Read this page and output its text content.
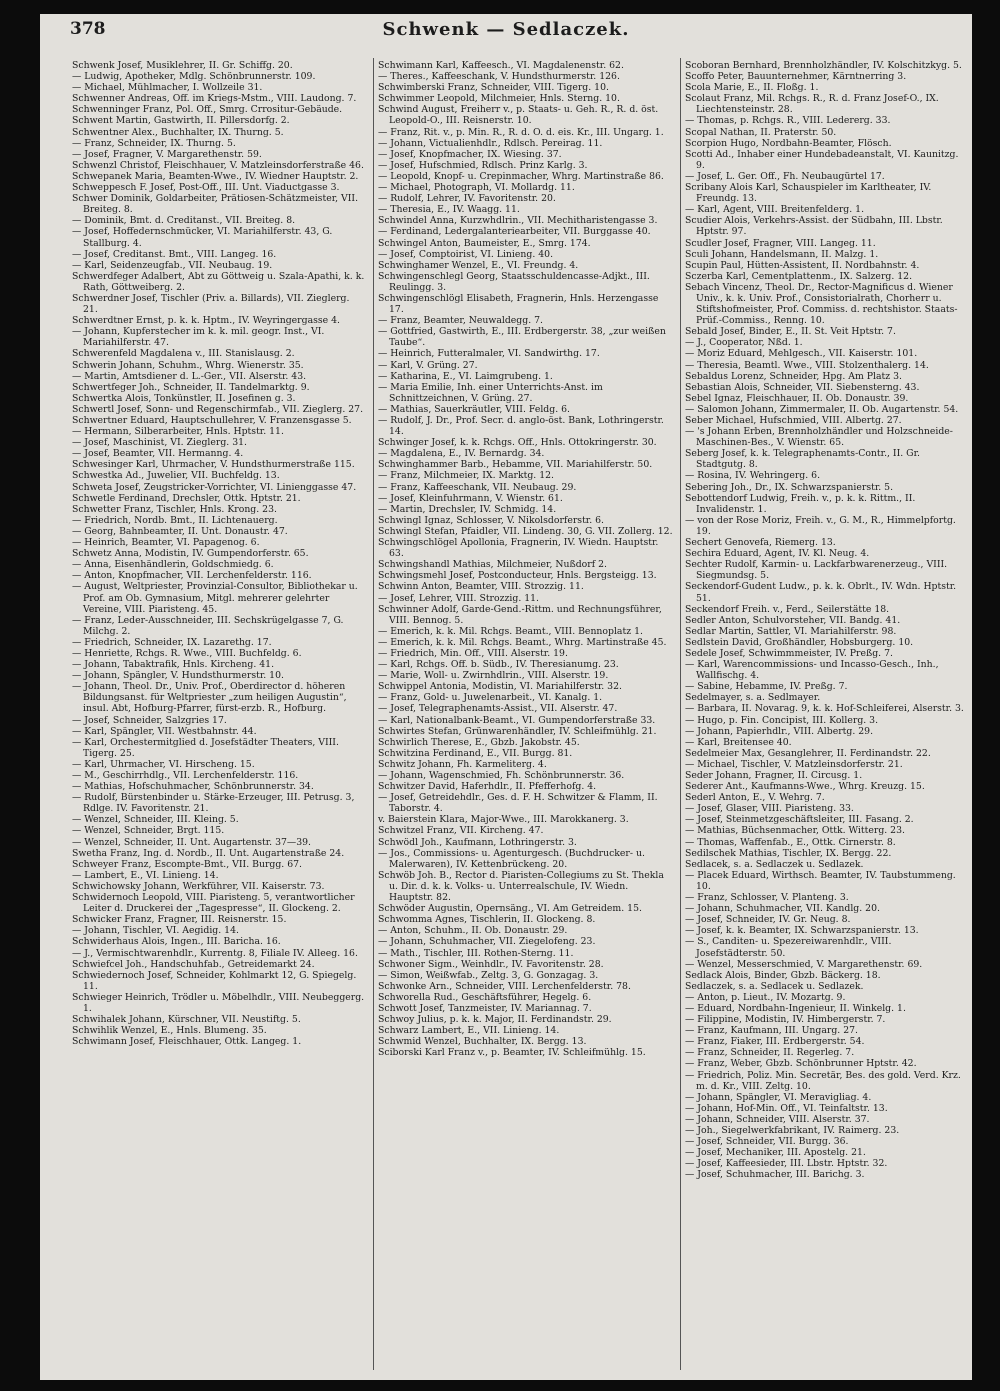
378	Schwenk — Sedlaczek.

Schwenk Josef, Musiklehrer, II. Gr. Schiffg. 20.

— Ludwig, Apotheker, Mdlg. Schönbrunnerstr. 109.

— Michael, Mühlmacher, I. Wollzeile 31.

Schwenner Andreas, Off. im Kriegs-Mstm., VIII. Laudong. 7.

Schwenninger Franz, Pol. Off., Smrg. Crrositur-Gebäude.

Schwent Martin, Gastwirth, II. Pillersdorfg. 2.

Schwentner Alex., Buchhalter, IX. Thurng. 5.

— Franz, Schneider, IX. Thurng. 5.

— Josef, Fragner, V. Margarethenstr. 59.

Schwenzl Christof, Fleischhauer, V. Matzleinsdorferstraße 46.

Schwepanek Maria, Beamten-Wwe., IV. Wiedner Hauptstr. 2.

Schweppesch F. Josef, Post-Off., III. Unt. Viaductgasse 3.

Schwer Dominik, Goldarbeiter, Prätiosen-Schätzmeister, VII. Breiteg. 8.

— Dominik, Bmt. d. Creditanst., VII. Breiteg. 8.

— Josef, Hoffedernschmücker, VI. Mariahilferstr. 43, G. Stallburg. 4.

— Josef, Creditanst. Bmt., VIII. Langeg. 16.

— Karl, Seidenzeugfab., VII. Neubaug. 19.

Schwerdfeger Adalbert, Abt zu Göttweig u. Szala-Apathi, k. k. Rath, Göttweiberg. 2.

Schwerdner Josef, Tischler (Priv. a. Billards), VII. Zieglerg. 21.

Schwerdtner Ernst, p. k. k. Hptm., IV. Weyringergasse 4.

— Johann, Kupferstecher im k. k. mil. geogr. Inst., VI. Mariahilferstr. 47.

Schwerenfeld Magdalena v., III. Stanislausg. 2.

Schwerin Johann, Schuhm., Whrg. Wienerstr. 35.

— Martin, Amtsdiener d. L.-Ger., VII. Alserstr. 43.

Schwertfeger Joh., Schneider, II. Tandelmarktg. 9.

Schwertka Alois, Tonkünstler, II. Josefinen g. 3.

Schwertl Josef, Sonn- und Regenschirmfab., VII. Zieglerg. 27.

Schwertner Eduard, Hauptschullehrer, V. Franzensgasse 5.

— Hermann, Silberarbeiter, Hnls. Hptstr. 11.

— Josef, Maschinist, VI. Zieglerg. 31.

— Josef, Beamter, VII. Hermanng. 4.

Schwesinger Karl, Uhrmacher, V. Hundsthurmerstraße 115.

Schwestka Ad., Juwelier, VII. Buchfeldg. 13.

Schweta Josef, Zeugstricker-Vorrichter, VI. Linienggasse 47.

Schwetle Ferdinand, Drechsler, Ottk. Hptstr. 21.

Schwetter Franz, Tischler, Hnls. Krong. 23.

— Friedrich, Nordb. Bmt., II. Lichtenauerg.

— Georg, Bahnbeamter, II. Unt. Donaustr. 47.

— Heinrich, Beamter, VI. Papagenog. 6.

Schwetz Anna, Modistin, IV. Gumpendorferstr. 65.

— Anna, Eisenhändlerin, Goldschmiedg. 6.

— Anton, Knopfmacher, VII. Lerchenfelderstr. 116.

— August, Weltpriester, Provinzial-Consultor, Bibliothekar u. Prof. am Ob. Gymnasium, Mitgl. mehrerer gelehrter Vereine, VIII. Piaristeng. 45.

— Franz, Leder-Ausschneider, III. Sechskrügelgasse 7, G. Milchg. 2.

— Friedrich, Schneider, IX. Lazarethg. 17.

— Henriette, Rchgs. R. Wwe., VIII. Buchfeldg. 6.

— Johann, Tabaktrafik, Hnls. Kircheng. 41.

— Johann, Spängler, V. Hundsthurmerstr. 10.

— Johann, Theol. Dr., Univ. Prof., Oberdirector d. höheren Bildungsanst. für Weltpriester „zum heiligen Augustin“, insul. Abt, Hofburg-Pfarrer, fürst-erzb. R., Hofburg.

— Josef, Schneider, Salzgries 17.

— Karl, Spängler, VII. Westbahnstr. 44.

— Karl, Orchestermitglied d. Josefstädter Theaters, VIII. Tigerg. 25.

— Karl, Uhrmacher, VI. Hirscheng. 15.

— M., Geschirrhdlg., VII. Lerchenfelderstr. 116.

— Mathias, Hofschuhmacher, Schönbrunnerstr. 34.

— Rudolf, Bürstenbinder u. Stärke-Erzeuger, III. Petrusg. 3, Rdlge. IV. Favoritenstr. 21.

— Wenzel, Schneider, III. Kleing. 5.

— Wenzel, Schneider, Brgt. 115.

— Wenzel, Schneider, II. Unt. Augartenstr. 37—39.

Swetha Franz, Ing. d. Nordb., II. Unt. Augartenstraße 24.

Schweyer Franz, Escompte-Bmt., VII. Burgg. 67.

— Lambert, E., VI. Linieng. 14.

Schwichowsky Johann, Werkführer, VII. Kaiserstr. 73.

Schwidernoch Leopold, VIII. Piaristeng. 5, verantwortlicher Leiter d. Druckerei der „Tagespresse“, II. Glockeng. 2.

Schwicker Franz, Fragner, III. Reisnerstr. 15.

— Johann, Tischler, VI. Aegidig. 14.

Schwiderhaus Alois, Ingen., III. Baricha. 16.

— J., Vermischtwarenhdlr., Kurrentg. 8, Filiale IV. Alleeg. 16.

Schwiefcel Joh., Handschuhfab., Getreidemarkt 24.

Schwiedernoch Josef, Schneider, Kohlmarkt 12, G. Spiegelg. 11.

Schwieger Heinrich, Trödler u. Möbelhdlr., VIII. Neubeggerg. 1.

Schwihalek Johann, Kürschner, VII. Neustiftg. 5.

Schwihlik Wenzel, E., Hnls. Blumeng. 35.

Schwimann Josef, Fleischhauer, Ottk. Langeg. 1.

Schwimann Karl, Kaffeesch., VI. Magdalenenstr. 62.

— Theres., Kaffeeschank, V. Hundsthurmerstr. 126.

Schwimberski Franz, Schneider, VIII. Tigerg. 10.

Schwimmer Leopold, Milchmeier, Hnls. Sterng. 10.

Schwind August, Freiherr v., p. Staats- u. Geh. R., R. d. öst. Leopold-O., III. Reisnerstr. 10.

— Franz, Rit. v., p. Min. R., R. d. O. d. eis. Kr., III. Ungarg. 1.

— Johann, Victualienhdlr., Rdlsch. Pereirag. 11.

— Josef, Knopfmacher, IX. Wiesing. 37.

— Josef, Hufschmied, Rdlsch. Prinz Karlg. 3.

— Leopold, Knopf- u. Crepinmacher, Whrg. Martinstraße 86.

— Michael, Photograph, VI. Mollardg. 11.

— Rudolf, Lehrer, IV. Favoritenstr. 20.

— Theresia, E., IV. Waagg. 11.

Schwindel Anna, Kurzwhdlrin., VII. Mechitharistengasse 3.

— Ferdinand, Ledergalanteriearbeiter, VII. Burggasse 40.

Schwingel Anton, Baumeister, E., Smrg. 174.

— Josef, Comptoirist, VI. Linieng. 40.

Schwinghamer Wenzel, E., VI. Freundg. 4.

Schwingenschlegl Georg, Staatsschuldencasse-Adjkt., III. Reulingg. 3.

Schwingenschlögl Elisabeth, Fragnerin, Hnls. Herzengasse 17.

— Franz, Beamter, Neuwaldegg. 7.

— Gottfried, Gastwirth, E., III. Erdbergerstr. 38, „zur weißen Taube“.

— Heinrich, Futteralmaler, VI. Sandwirthg. 17.

— Karl, V. Grüng. 27.

— Katharina, E., VI. Laimgrubeng. 1.

— Maria Emilie, Inh. einer Unterrichts-Anst. im Schnittzeichnen, V. Grüng. 27.

— Mathias, Sauerkräutler, VIII. Feldg. 6.

— Rudolf, J. Dr., Prof. Secr. d. anglo-öst. Bank, Lothringerstr. 14.

Schwinger Josef, k. k. Rchgs. Off., Hnls. Ottokringerstr. 30.

— Magdalena, E., IV. Bernardg. 34.

Schwinghammer Barb., Hebamme, VII. Mariahilferstr. 50.

— Franz, Milchmeier, IX. Marktg. 12.

— Franz, Kaffeeschank, VII. Neubaug. 29.

— Josef, Kleinfuhrmann, V. Wienstr. 61.

— Martin, Drechsler, IV. Schmidg. 14.

Schwingl Ignaz, Schlosser, V. Nikolsdorferstr. 6.

Schwingl Stefan, Pfaidler, VII. Lindeng. 30, G. VII. Zollerg. 12.

Schwingschlögel Apollonia, Fragnerin, IV. Wiedn. Hauptstr. 63.

Schwingshandl Mathias, Milchmeier, Nußdorf 2.

Schwingsmehl Josef, Postconducteur, Hnls. Bergsteigg. 13.

Schwinn Anton, Beamter, VIII. Strozzig. 11.

— Josef, Lehrer, VIII. Strozzig. 11.

Schwinner Adolf, Garde-Gend.-Rittm. und Rechnungsführer, VIII. Bennog. 5.

— Emerich, k. k. Mil. Rchgs. Beamt., VIII. Bennoplatz 1.

— Emerich, k. k. Mil. Rchgs. Beamt., Whrg. Martinstraße 45.

— Friedrich, Min. Off., VIII. Alserstr. 19.

— Karl, Rchgs. Off. b. Südb., IV. Theresianumg. 23.

— Marie, Woll- u. Zwirnhdlrin., VIII. Alserstr. 19.

Schwippel Antonia, Modistin, VI. Mariahilferstr. 32.

— Franz, Gold- u. Juwelenarbeit., VI. Kanalg. 1.

— Josef, Telegraphenamts-Assist., VII. Alserstr. 47.

— Karl, Nationalbank-Beamt., VI. Gumpendorferstraße 33.

Schwirtes Stefan, Grünwarenhändler, IV. Schleifmühlg. 21.

Schwirlich Therese, E., Gbzb. Jakobstr. 45.

Schwitzina Ferdinand, E., VII. Burgg. 81.

Schwitz Johann, Fh. Karmeliterg. 4.

— Johann, Wagenschmied, Fh. Schönbrunnerstr. 36.

Schwitzer David, Haferhdlr., II. Pfefferhofg. 4.

— Josef, Getreidehdlr., Ges. d. F. H. Schwitzer & Flamm, II. Taborstr. 4.

v. Baierstein Klara, Major-Wwe., III. Marokkanerg. 3.

Schwitzel Franz, VII. Kircheng. 47.

Schwödl Joh., Kaufmann, Lothringerstr. 3.

— Jos., Commissions- u. Agenturgesch. (Buchdrucker- u. Malerwaren), IV. Kettenbrückeng. 20.

Schwöb Joh. B., Rector d. Piaristen-Collegiums zu St. Thekla u. Dir. d. k. k. Volks- u. Unterrealschule, IV. Wiedn. Hauptstr. 82.

Schwöder Augustin, Opernsäng., VI. Am Getreidem. 15.

Schwomma Agnes, Tischlerin, II. Glockeng. 8.

— Anton, Schuhm., II. Ob. Donaustr. 29.

— Johann, Schuhmacher, VII. Ziegelofeng. 23.

— Math., Tischler, III. Rothen-Sterng. 11.

Schwoner Sigm., Weinhdlr., IV. Favoritenstr. 28.

— Simon, Weißwfab., Zeltg. 3, G. Gonzagag. 3.

Schwonke Arn., Schneider, VIII. Lerchenfelderstr. 78.

Schworella Rud., Geschäftsführer, Hegelg. 6.

Schwott Josef, Tanzmeister, IV. Mariannag. 7.

Schwoy Julius, p. k. k. Major, II. Ferdinandstr. 29.

Schwarz Lambert, E., VII. Linieng. 14.

Schwmid Wenzel, Buchhalter, IX. Bergg. 13.

Sciborski Karl Franz v., p. Beamter, IV. Schleifmühlg. 15.

Scoboran Bernhard, Brennholzhändler, IV. Kolschitzkyg. 5.

Scoffo Peter, Bauunternehmer, Kärntnerring 3.

Scola Marie, E., II. Floßg. 1.

Scolaut Franz, Mil. Rchgs. R., R. d. Franz Josef-O., IX. Liechtensteinstr. 28.

— Thomas, p. Rchgs. R., VIII. Ledererg. 33.

Scopal Nathan, II. Praterstr. 50.

Scorpion Hugo, Nordbahn-Beamter, Flösch.

Scotti Ad., Inhaber einer Hundebadeanstalt, VI. Kaunitzg. 9.

— Josef, L. Ger. Off., Fh. Neubaugürtel 17.

Scribany Alois Karl, Schauspieler im Karltheater, IV. Freundg. 13.

— Karl, Agent, VIII. Breitenfelderg. 1.

Scudier Alois, Verkehrs-Assist. der Südbahn, III. Lbstr. Hptstr. 97.

Scudler Josef, Fragner, VIII. Langeg. 11.

Sculi Johann, Handelsmann, II. Malzg. 1.

Scupin Paul, Hütten-Assistent, II. Nordbahnstr. 4.

Sczerba Karl, Cementplattenm., IX. Salzerg. 12.

Sebach Vincenz, Theol. Dr., Rector-Magnificus d. Wiener Univ., k. k. Univ. Prof., Consistorialrath, Chorherr u. Stiftshofmeister, Prof. Commiss. d. rechtshistor. Staats-Prüf.-Commiss., Renng. 10.

Sebald Josef, Binder, E., II. St. Veit Hptstr. 7.

— J., Cooperator, Nßd. 1.

— Moriz Eduard, Mehlgesch., VII. Kaiserstr. 101.

— Theresia, Beamtl. Wwe., VIII. Stolzenthalerg. 14.

Sebaldus Lorenz, Schneider, Hpg. Am Platz 3.

Sebastian Alois, Schneider, VII. Siebensterng. 43.

Sebel Ignaz, Fleischhauer, II. Ob. Donaustr. 39.

— Salomon Johann, Zimmermaler, II. Ob. Augartenstr. 54.

Seber Michael, Hufschmied, VIII. Albertg. 27.

— 's Johann Erben, Brennholzhändler und Holzschneide-Maschinen-Bes., V. Wienstr. 65.

Seberg Josef, k. k. Telegraphenamts-Contr., II. Gr. Stadtgutg. 8.

— Rosina, IV. Wehringerg. 6.

Sebering Joh., Dr., IX. Schwarzspanierstr. 5.

Sebottendorf Ludwig, Freih. v., p. k. k. Rittm., II. Invalidenstr. 1.

— von der Rose Moriz, Freih. v., G. M., R., Himmelpfortg. 19.

Sechert Genovefa, Riemerg. 13.

Sechira Eduard, Agent, IV. Kl. Neug. 4.

Sechter Rudolf, Karmin- u. Lackfarbwarenerzeug., VIII. Siegmundsg. 5.

Seckendorf-Gudent Ludw., p. k. k. Obrlt., IV. Wdn. Hptstr. 51.

Seckendorf Freih. v., Ferd., Seilerstätte 18.

Sedler Anton, Schulvorsteher, VII. Bandg. 41.

Sedlar Martin, Sattler, VI. Mariahilferstr. 98.

Sedlstein David, Großhändler, Hobsburgerg. 10.

Sedele Josef, Schwimmmeister, IV. Preßg. 7.

— Karl, Warencommissions- und Incasso-Gesch., Inh., Wallfischg. 4.

— Sabine, Hebamme, IV. Preßg. 7.

Sedelmayer, s. a. Sedlmayer.

— Barbara, II. Novarag. 9, k. k. Hof-Schleiferei, Alserstr. 3.

— Hugo, p. Fin. Concipist, III. Kollerg. 3.

— Johann, Papierhdlr., VIII. Albertg. 29.

— Karl, Breitensee 40.

Sedelmeier Max, Gesanglehrer, II. Ferdinandstr. 22.

— Michael, Tischler, V. Matzleinsdorferstr. 21.

Seder Johann, Fragner, II. Circusg. 1.

Sederer Ant., Kaufmanns-Wwe., Whrg. Kreuzg. 15.

Sederl Anton, E., V. Wehrg. 7.

— Josef, Glaser, VIII. Piaristeng. 33.

— Josef, Steinmetzgeschäftsleiter, III. Fasang. 2.

— Mathias, Büchsenmacher, Ottk. Witterg. 23.

— Thomas, Waffenfab., E., Ottk. Cirnerstr. 8.

Sedilschek Mathias, Tischler, IX. Bergg. 22.

Sedlacek, s. a. Sedlaczek u. Sedlazek.

— Placek Eduard, Wirthsch. Beamter, IV. Taubstummeng. 10.

— Franz, Schlosser, V. Planteng. 3.

— Johann, Schuhmacher, VII. Kandlg. 20.

— Josef, Schneider, IV. Gr. Neug. 8.

— Josef, k. k. Beamter, IX. Schwarzspanierstr. 13.

— S., Canditen- u. Spezereiwarenhdlr., VIII. Josefstädterstr. 50.

— Wenzel, Messerschmied, V. Margarethenstr. 69.

Sedlack Alois, Binder, Gbzb. Bäckerg. 18.

Sedlaczek, s. a. Sedlacek u. Sedlazek.

— Anton, p. Lieut., IV. Mozartg. 9.

— Eduard, Nordbahn-Ingenieur, II. Winkelg. 1.

— Filippine, Modistin, IV. Himbergerstr. 7.

— Franz, Kaufmann, III. Ungarg. 27.

— Franz, Fiaker, III. Erdbergerstr. 54.

— Franz, Schneider, II. Regerleg. 7.

— Franz, Weber, Gbzb. Schönbrunner Hptstr. 42.

— Friedrich, Poliz. Min. Secretär, Bes. des gold. Verd. Krz. m. d. Kr., VIII. Zeltg. 10.

— Johann, Spängler, VI. Meravigliag. 4.

— Johann, Hof-Min. Off., VI. Teinfaltstr. 13.

— Johann, Schneider, VIII. Alserstr. 37.

— Joh., Siegelwerkfabrikant, IV. Raimerg. 23.

— Josef, Schneider, VII. Burgg. 36.

— Josef, Mechaniker, III. Apostelg. 21.

— Josef, Kaffeesieder, III. Lbstr. Hptstr. 32.

— Josef, Schuhmacher, III. Barichg. 3.
